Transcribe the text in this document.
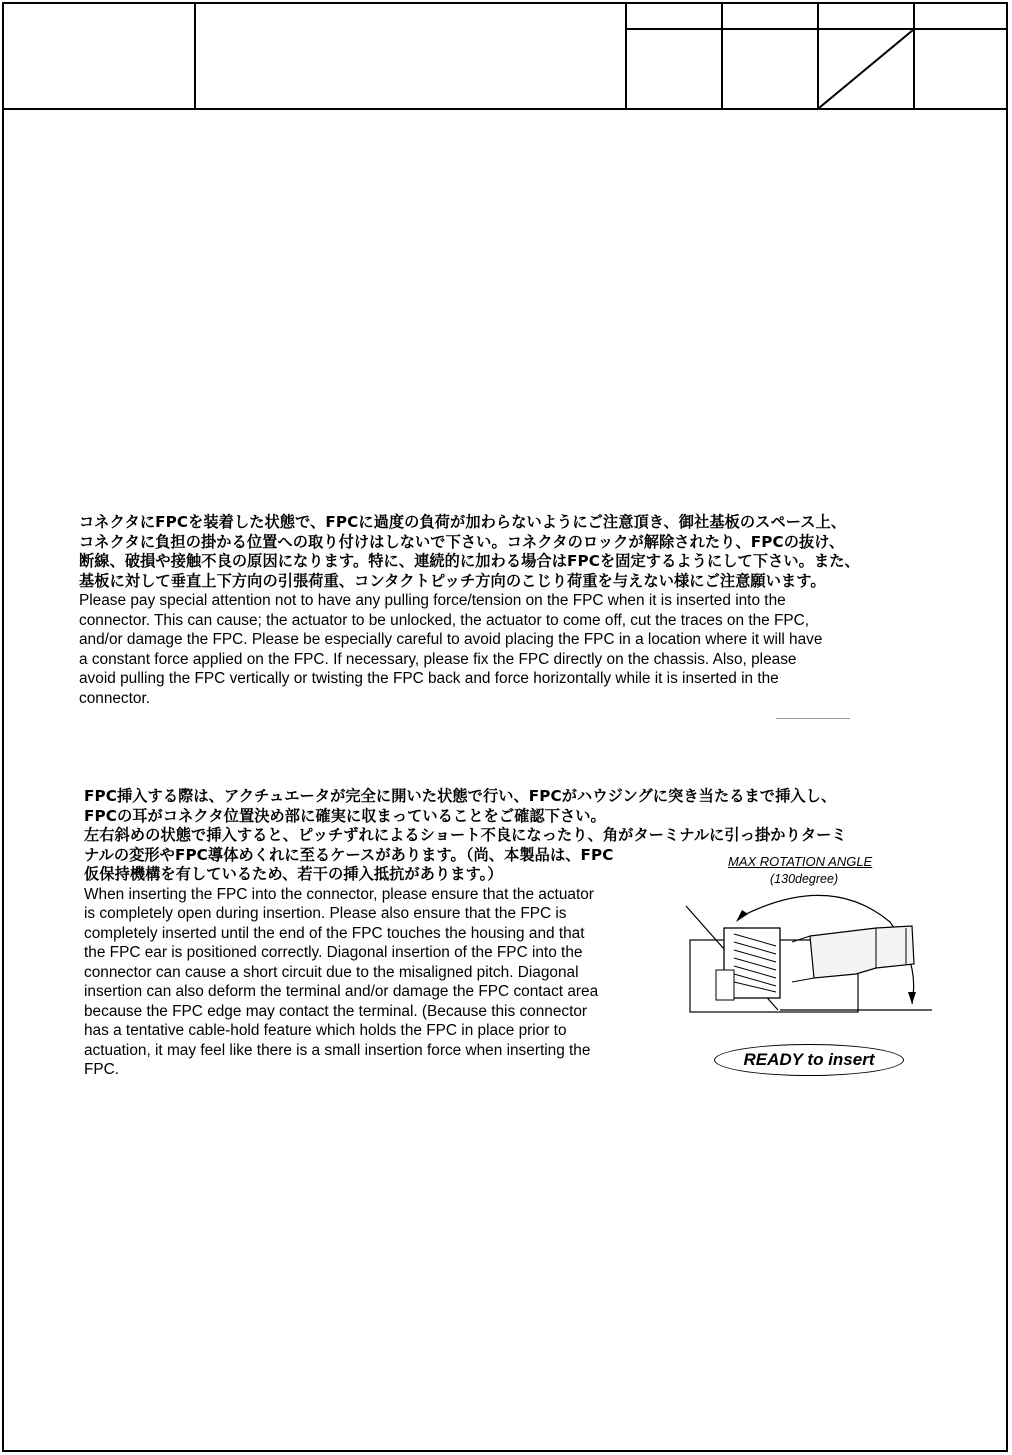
コネクタにFPCを装着した状態で、FPCに過度の負荷が加わらないようにご注意頂き、御社基板のスペース上、

コネクタに負担の掛かる位置への取り付けはしないで下さい。コネクタのロックが解除されたり、FPCの抜け、

断線、破損や接触不良の原因になります。特に、連続的に加わる場合はFPCを固定するようにして下さい。また、

基板に対して垂直上下方向の引張荷重、コンタクトピッチ方向のこじり荷重を与えない様にご注意願います。

Please pay special attention not to have any pulling force/tension on the FPC when it is inserted into the

connector. This can cause; the actuator to be unlocked, the actuator to come off, cut the traces on the FPC,

and/or damage the FPC. Please be especially careful to avoid placing the FPC in a location where it will have

a constant force applied on the FPC. If necessary, please fix the FPC directly on the chassis. Also, please

avoid pulling the FPC vertically or twisting the FPC back and force horizontally while it is inserted in the

connector.

FPC挿入する際は、アクチュエータが完全に開いた状態で行い、FPCがハウジングに突き当たるまで挿入し、

FPCの耳がコネクタ位置決め部に確実に収まっていることをご確認下さい。

左右斜めの状態で挿入すると、ピッチずれによるショート不良になったり、角がターミナルに引っ掛かりターミ

ナルの変形やFPC導体めくれに至るケースがあります。（尚、本製品は、FPC

仮保持機構を有しているため、若干の挿入抵抗があります。）

When inserting the FPC into the connector, please ensure that the actuator

is completely open during insertion. Please also ensure that the FPC is

completely inserted until the end of the FPC touches the housing and that

the FPC ear is positioned correctly. Diagonal insertion of the FPC into the

connector can cause a short circuit due to the misaligned pitch. Diagonal

insertion can also deform the terminal and/or damage the FPC contact area

because the FPC edge may contact the terminal. (Because this connector

has a tentative cable-hold feature which holds the FPC in place prior to

actuation, it may feel like there is a small insertion force when inserting the

FPC.

MAX ROTATION ANGLE
(130degree)
READY to insert
